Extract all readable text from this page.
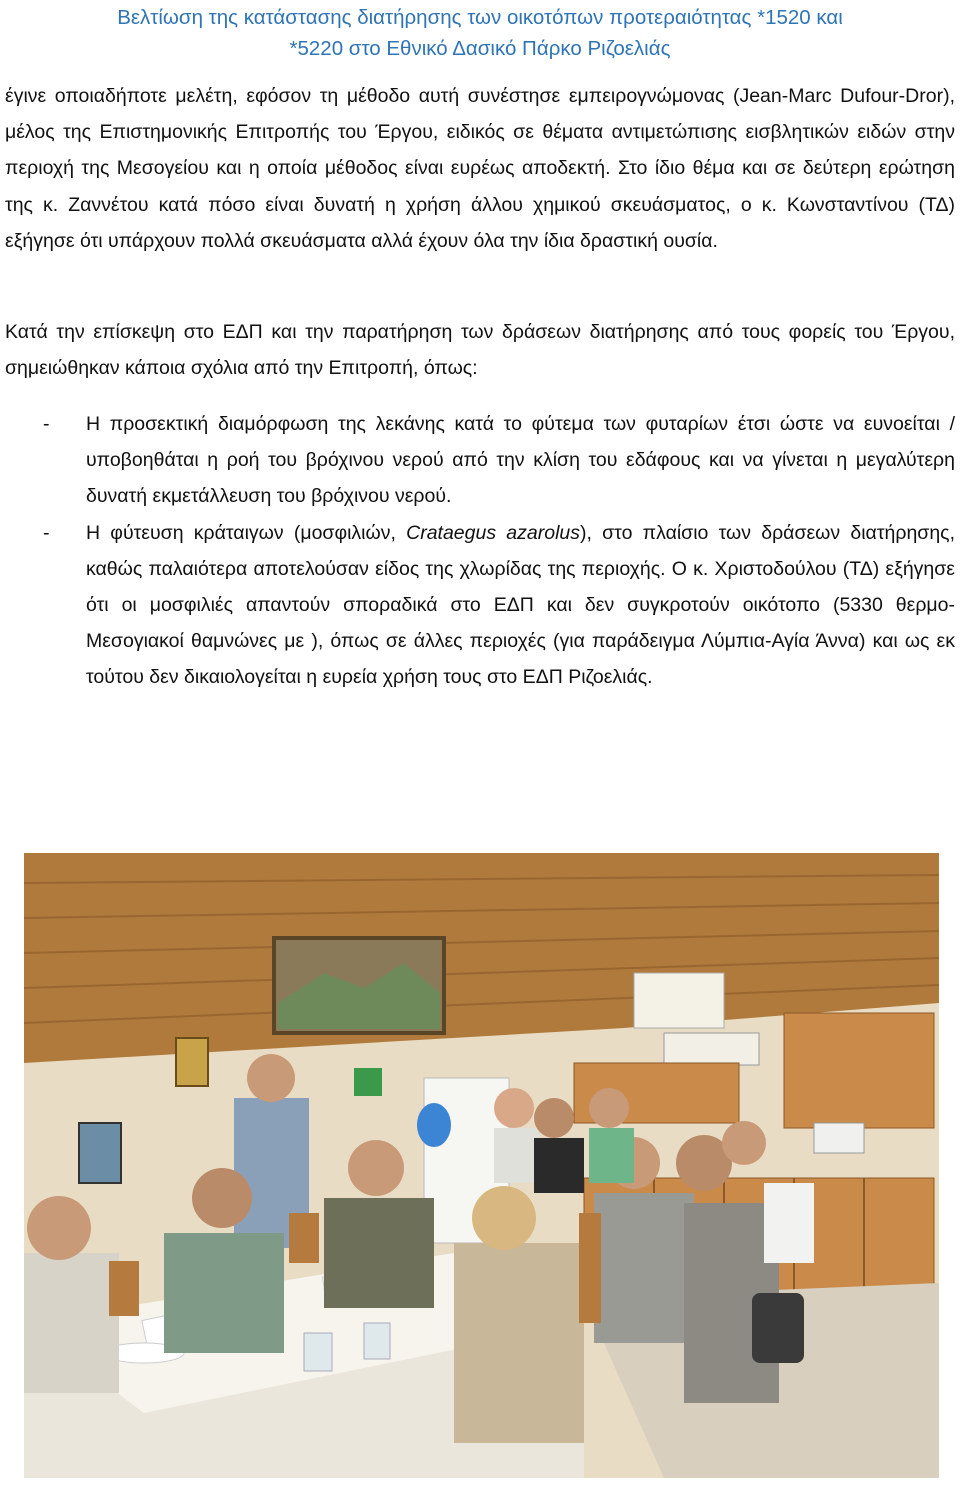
Βελτίωση της κατάστασης διατήρησης των οικοτόπων προτεραιότητας *1520 και
*5220 στο Εθνικό Δασικό Πάρκο Ριζοελιάς

έγινε οποιαδήποτε μελέτη, εφόσον τη μέθοδο αυτή συνέστησε εμπειρογνώμονας (Jean-Marc Dufour-Dror), μέλος της Επιστημονικής Επιτροπής του Έργου, ειδικός σε θέματα αντιμετώπισης εισβλητικών ειδών στην περιοχή της Μεσογείου και η οποία μέθοδος είναι ευρέως αποδεκτή. Στο ίδιο θέμα και σε δεύτερη ερώτηση της κ. Ζαννέτου κατά πόσο είναι δυνατή η χρήση άλλου χημικού σκευάσματος, ο κ. Κωνσταντίνου (ΤΔ) εξήγησε ότι υπάρχουν πολλά σκευάσματα αλλά έχουν όλα την ίδια δραστική ουσία.

Κατά την επίσκεψη στο ΕΔΠ και την παρατήρηση των δράσεων διατήρησης από τους φορείς του Έργου, σημειώθηκαν κάποια σχόλια από την Επιτροπή, όπως:

- Η προσεκτική διαμόρφωση της λεκάνης κατά το φύτεμα των φυταρίων έτσι ώστε να ευνοείται / υποβοηθάται η ροή του βρόχινου νερού από την κλίση του εδάφους και να γίνεται η μεγαλύτερη δυνατή εκμετάλλευση του βρόχινου νερού.
- Η φύτευση κράταιγων (μοσφιλιών, Crataegus azarolus), στο πλαίσιο των δράσεων διατήρησης, καθώς παλαιότερα αποτελούσαν είδος της χλωρίδας της περιοχής. Ο κ. Χριστοδούλου (ΤΔ) εξήγησε ότι οι μοσφιλιές απαντούν σποραδικά στο ΕΔΠ και δεν συγκροτούν οικότοπο (5330 θερμο-Μεσογιακοί θαμνώνες με ), όπως σε άλλες περιοχές (για παράδειγμα Λύμπια-Αγία Άννα) και ως εκ τούτου δεν δικαιολογείται η ευρεία χρήση τους στο ΕΔΠ Ριζοελιάς.
